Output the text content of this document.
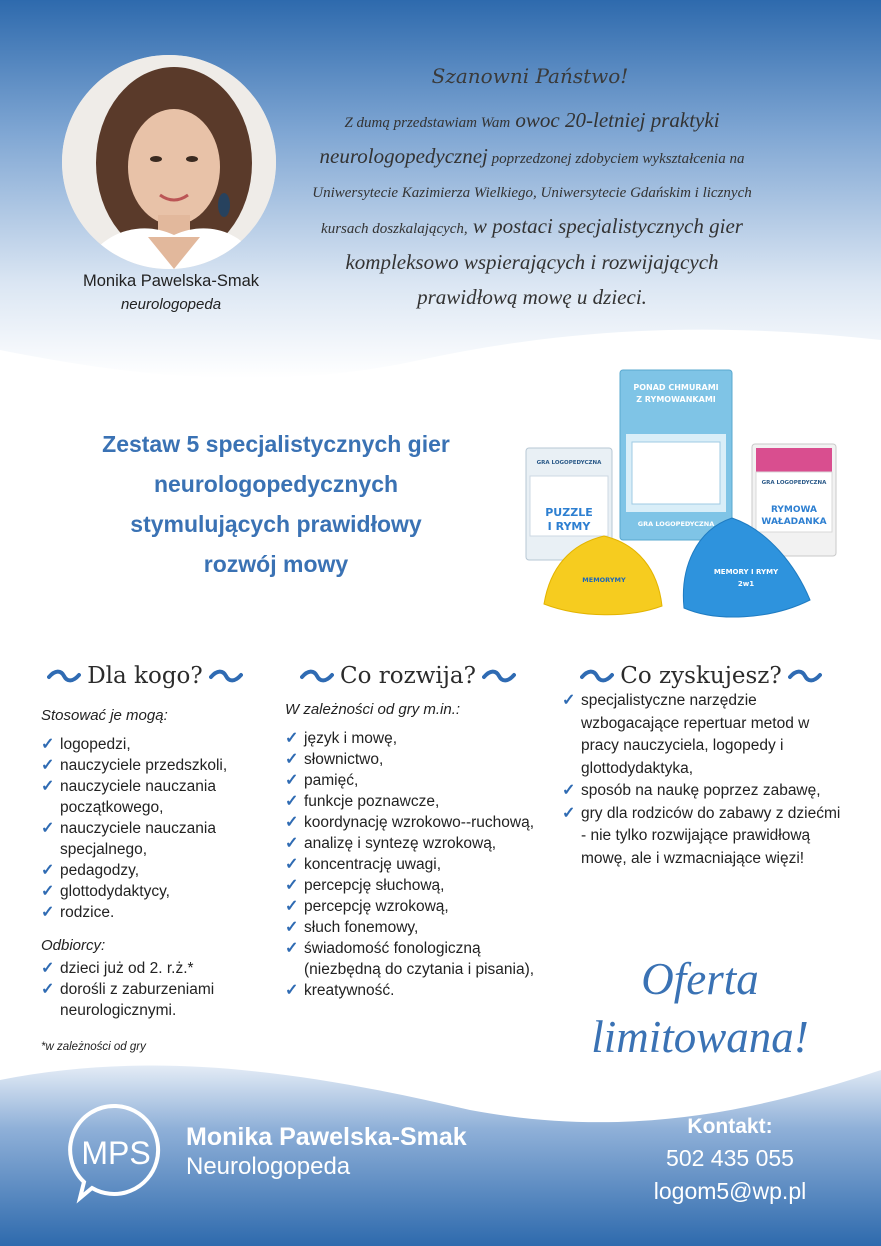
Monika Pawelska-Smak
neurologopeda
Szanowni Państwo!
Z dumą przedstawiam Wam owoc 20-letniej praktyki
neurologopedycznej poprzedzonej zdobyciem wykształcenia na
Uniwersytecie Kazimierza Wielkiego, Uniwersytecie Gdańskim i licznych
kursach doszkalających, w postaci specjalistycznych gier
kompleksowo wspierających i rozwijających
prawidłową mowę u dzieci.
Zestaw 5 specjalistycznych gier
neurologopedycznych
stymulujących prawidłowy
rozwój mowy
PONAD CHMURAMI
Z RYMOWANKAMI
GRA LOGOPEDYCZNA
GRA LOGOPEDYCZNA
PUZZLE
I RYMY
GRA LOGOPEDYCZNA
RYMOWA
WAŁADANKA
MEMORYMY
MEMORY I RYMY
2w1
Dla kogo?	Co rozwija?	Co zyskujesz?
Stosować je mogą:
✓ logopedzi,
✓ nauczyciele przedszkoli,
✓ nauczyciele nauczania początkowego,
✓ nauczyciele nauczania specjalnego,
✓ pedagodzy,
✓ glottodydaktycy,
✓ rodzice.
Odbiorcy:
✓ dzieci już od 2. r.ż.*
✓ dorośli z zaburzeniami neurologicznymi.
*w zależności od gry
W zależności od gry m.in.:
✓ język i mowę,
✓ słownictwo,
✓ pamięć,
✓ funkcje poznawcze,
✓ koordynację wzrokowo--ruchową,
✓ analizę i syntezę wzrokową,
✓ koncentrację uwagi,
✓ percepcję słuchową,
✓ percepcję wzrokową,
✓ słuch fonemowy,
✓ świadomość fonologiczną (niezbędną do czytania i pisania),
✓ kreatywność.
✓ specjalistyczne narzędzie wzbogacające repertuar metod w pracy nauczyciela, logopedy i glottodydaktyka,
✓ sposób na naukę poprzez zabawę,
✓ gry dla rodziców do zabawy z dziećmi - nie tylko rozwijające prawidłową mowę, ale i wzmacniające więzi!
Oferta
limitowana!
MPS Monika Pawelska-Smak
Neurologopeda
Kontakt:
502 435 055
logom5@wp.pl
